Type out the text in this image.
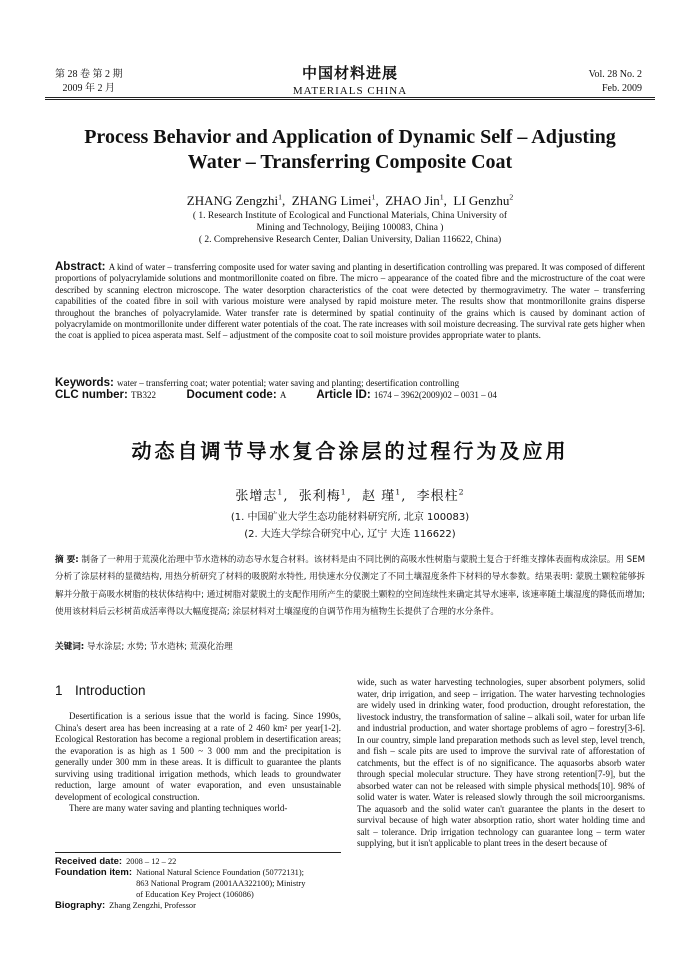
第 28 卷 第 2 期
2009 年 2 月
中国材料进展
MATERIALS CHINA
Vol. 28 No. 2
Feb. 2009
Process Behavior and Application of Dynamic Self – Adjusting
Water – Transferring Composite Coat
ZHANG Zengzhi$^1$,  ZHANG Limei$^1$,  ZHAO Jin$^1$,  LI Genzhu$^2$
( 1. Research Institute of Ecological and Functional Materials, China University of
Mining and Technology, Beijing 100083, China )
( 2. Comprehensive Research Center, Dalian University, Dalian 116622, China)
Abstract: A kind of water – transferring composite used for water saving and planting in desertification controlling was prepared. It was composed of different proportions of polyacrylamide solutions and montmorillonite coated on fibre. The micro – appearance of the coated fibre and the microstructure of the coat were described by scanning electron microscope. The water desorption characteristics of the coat were detected by thermogravimetry. The water – transferring capabilities of the coated fibre in soil with various moisture were analysed by rapid moisture meter. The results show that montmorillonite grains disperse throughout the branches of polyacrylamide. Water transfer rate is determined by spatial continuity of the grains which is caused by dominant action of polyacrylamide on montmorillonite under different water potentials of the coat. The rate increases with soil moisture decreasing. The survival rate gets higher when the coat is applied to picea asperata mast. Self – adjustment of the composite coat to soil moisture provides appropriate water to plants.
Keywords: water – transferring coat; water potential; water saving and planting; desertification controlling
CLC number: TB322	Document code: A	Article ID: 1674 – 3962(2009)02 – 0031 – 04
动态自调节导水复合涂层的过程行为及应用
张增志$^1$,  张利梅$^1$,  赵 瑾$^1$,  李根柱$^2$
(1. 中国矿业大学生态功能材料研究所, 北京 100083)
(2. 大连大学综合研究中心, 辽宁 大连 116622)
摘 要: 制备了一种用于荒漠化治理中节水造林的动态导水复合材料。该材料是由不同比例的高吸水性树脂与蒙脱土复合于纤维支撑体表面构成涂层。用 SEM 分析了涂层材料的显微结构, 用热分析研究了材料的吸脱附水特性, 用快速水分仪测定了不同土壤湿度条件下材料的导水参数。结果表明: 蒙脱土颗粒能够拆解并分散于高吸水树脂的枝状体结构中; 通过树脂对蒙脱土的支配作用所产生的蒙脱土颗粒的空间连续性来确定其导水速率, 该速率随土壤湿度的降低而增加; 使用该材料后云杉树苗成活率得以大幅度提高; 涂层材料对土壤湿度的自调节作用为植物生长提供了合理的水分条件。
关键词: 导水涂层; 水势; 节水造林; 荒漠化治理
1 Introduction

Desertification is a serious issue that the world is facing. Since 1990s, China's desert area has been increasing at a rate of 2 460 km² per year[1-2]. Ecological Restoration has become a regional problem in desertification areas; the evaporation is as high as 1 500 ~ 3 000 mm and the precipitation is generally under 300 mm in these areas. It is difficult to guarantee the plants surviving using traditional irrigation methods, which leads to groundwater reduction, large amount of water evaporation, and even unsustainable development of ecological construction.

There are many water saving and planting techniques world-

wide, such as water harvesting technologies, super absorbent polymers, solid water, drip irrigation, and seep – irrigation. The water harvesting technologies are widely used in drinking water, food production, drought reforestation, the livestock industry, the transformation of saline – alkali soil, water for urban life and industrial production, and water shortage problems of agro – forestry[3-6]. In our country, simple land preparation methods such as level step, level trench, and fish – scale pits are used to improve the survival rate of afforestation of catchments, but the effect is of no significance. The aquasorbs absorb water through special molecular structure. They have strong retention[7-9], but the absorbed water can not be released with simple physical methods[10]. 98% of solid water is water. Water is released slowly through the soil microorganisms. The aquasorb and the solid water can't guarantee the plants in the desert to survival because of high water absorption ratio, short water holding time and salt – tolerance. Drip irrigation technology can guarantee long – term water supplying, but it isn't applicable to plant trees in the desert because of

Received date : 2008 – 12 – 22
Foundation item : National Natural Science Foundation (50772131);
863 National Program (2001AA322100); Ministry
of Education Key Project (106086)
Biography : Zhang Zengzhi, Professor
